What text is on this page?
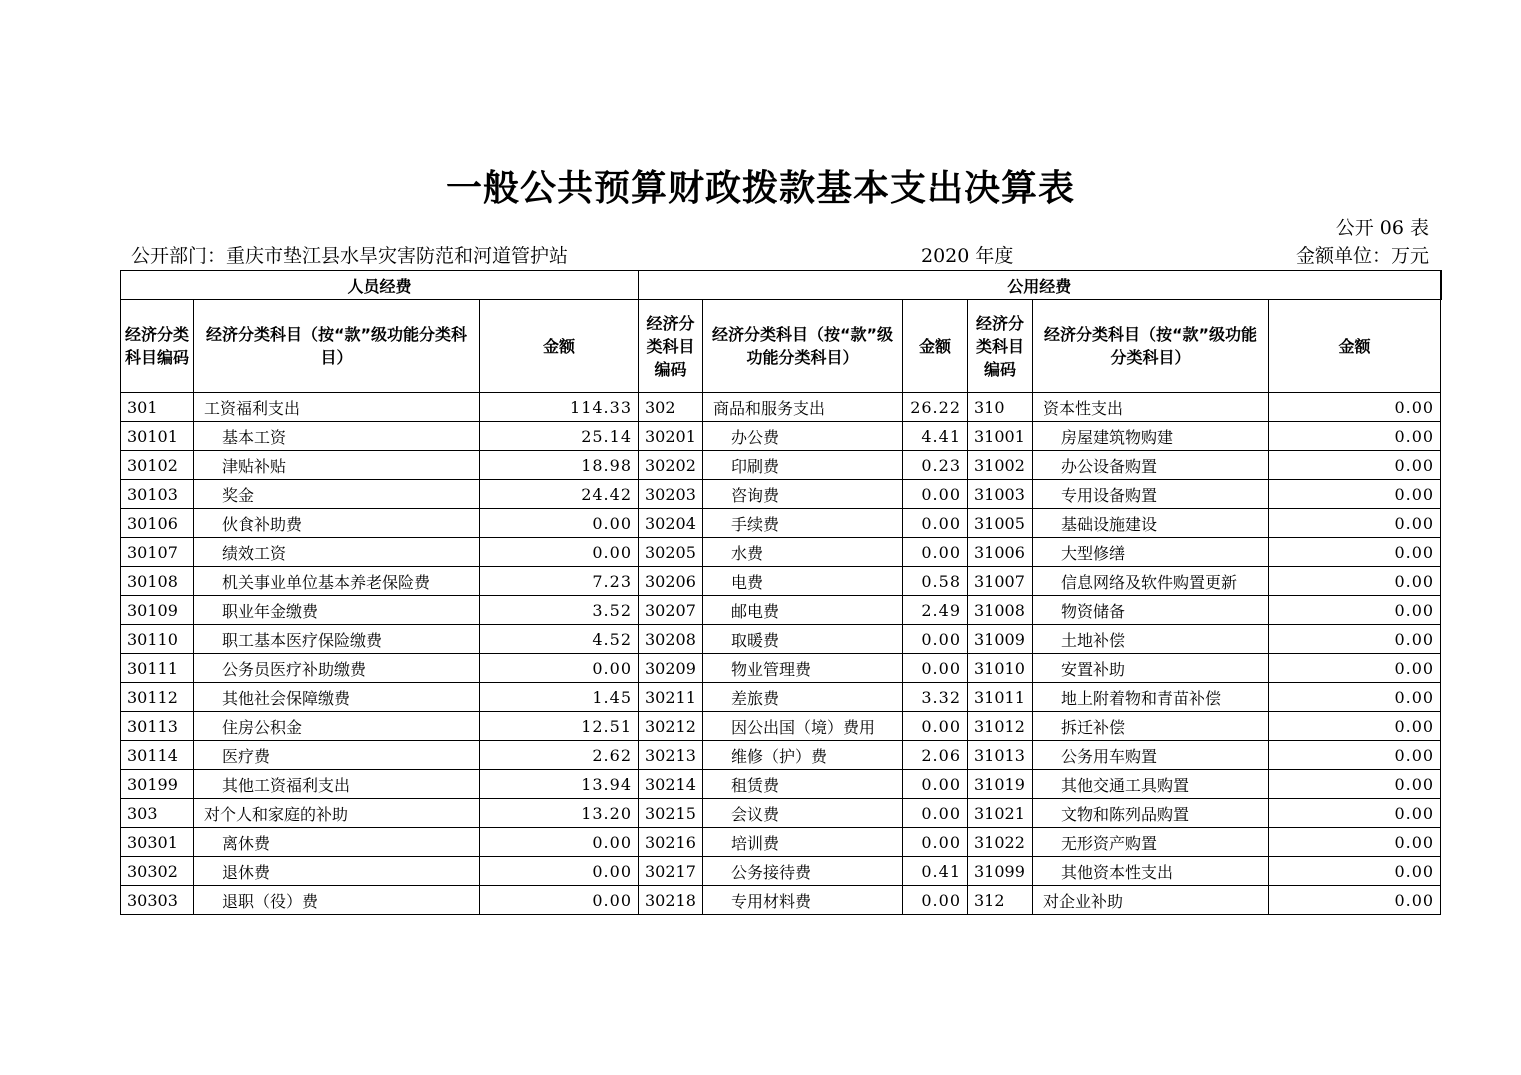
一般公共预算财政拨款基本支出决算表
公开 06 表
公开部门：重庆市垫江县水旱灾害防范和河道管护站	2020 年度	金额单位：万元
人员经费			公用经费					
经济分类科目编码	经济分类科目（按“款”级功能分类科目）	金额	经济分类科目编码	经济分类科目（按“款”级功能分类科目）	金额	经济分类科目编码	经济分类科目（按“款”级功能分类科目）	金额
301	工资福利支出	114.33	302	商品和服务支出	26.22	310	资本性支出	0.00
30101	基本工资	25.14	30201	办公费	4.41	31001	房屋建筑物购建	0.00
30102	津贴补贴	18.98	30202	印刷费	0.23	31002	办公设备购置	0.00
30103	奖金	24.42	30203	咨询费	0.00	31003	专用设备购置	0.00
30106	伙食补助费	0.00	30204	手续费	0.00	31005	基础设施建设	0.00
30107	绩效工资	0.00	30205	水费	0.00	31006	大型修缮	0.00
30108	机关事业单位基本养老保险费	7.23	30206	电费	0.58	31007	信息网络及软件购置更新	0.00
30109	职业年金缴费	3.52	30207	邮电费	2.49	31008	物资储备	0.00
30110	职工基本医疗保险缴费	4.52	30208	取暖费	0.00	31009	土地补偿	0.00
30111	公务员医疗补助缴费	0.00	30209	物业管理费	0.00	31010	安置补助	0.00
30112	其他社会保障缴费	1.45	30211	差旅费	3.32	31011	地上附着物和青苗补偿	0.00
30113	住房公积金	12.51	30212	因公出国（境）费用	0.00	31012	拆迁补偿	0.00
30114	医疗费	2.62	30213	维修（护）费	2.06	31013	公务用车购置	0.00
30199	其他工资福利支出	13.94	30214	租赁费	0.00	31019	其他交通工具购置	0.00
303	对个人和家庭的补助	13.20	30215	会议费	0.00	31021	文物和陈列品购置	0.00
30301	离休费	0.00	30216	培训费	0.00	31022	无形资产购置	0.00
30302	退休费	0.00	30217	公务接待费	0.41	31099	其他资本性支出	0.00
30303	退职（役）费	0.00	30218	专用材料费	0.00	312	对企业补助	0.00
